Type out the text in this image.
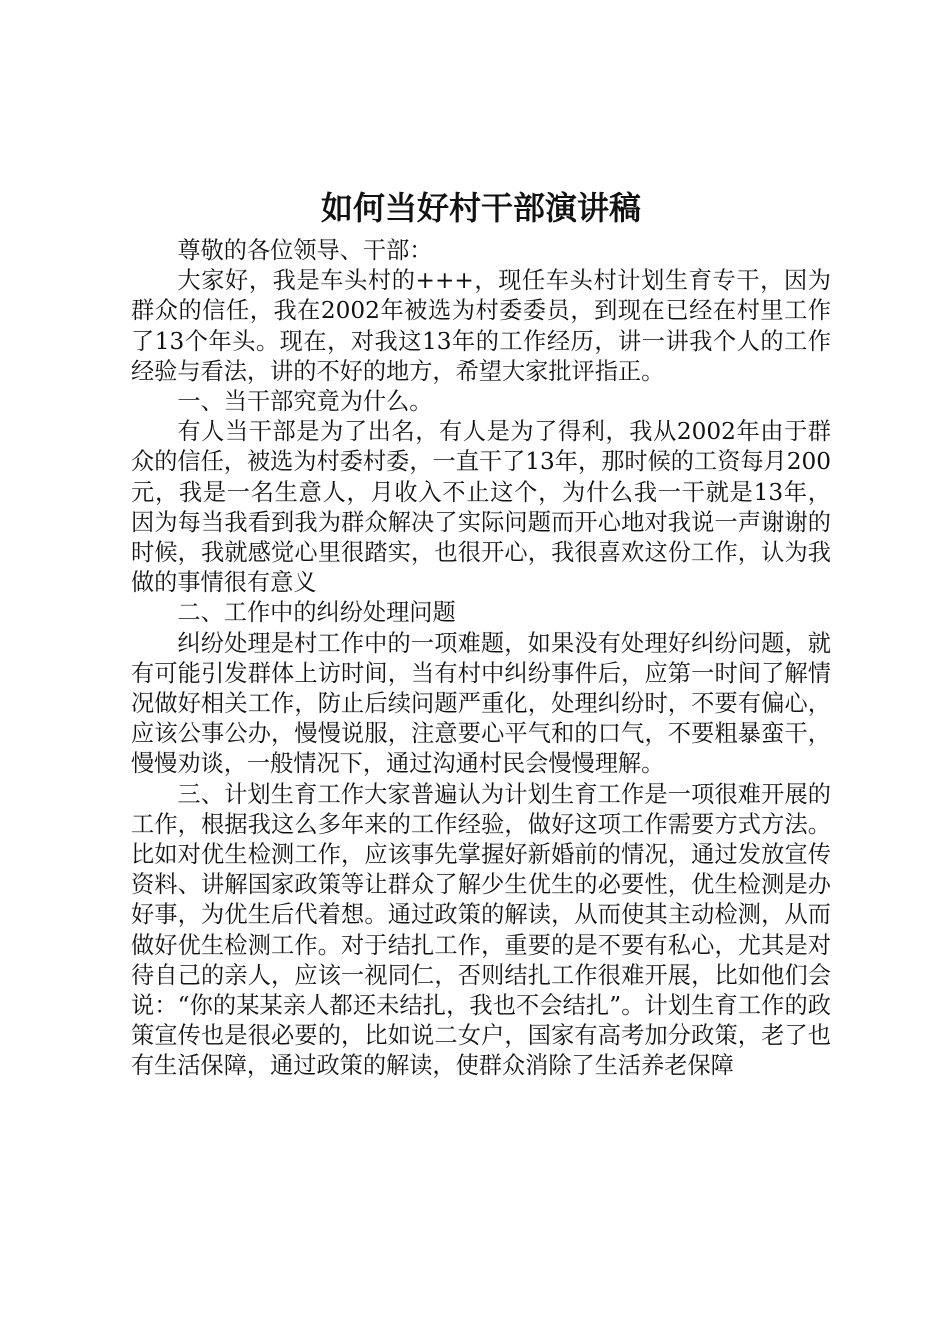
如何当好村干部演讲稿

尊敬的各位领导、干部：

大家好，我是车头村的+++，现任车头村计划生育专干，因为群众的信任，我在2002年被选为村委委员，到现在已经在村里工作了13个年头。现在，对我这13年的工作经历，讲一讲我个人的工作经验与看法，讲的不好的地方，希望大家批评指正。

一、当干部究竟为什么。

有人当干部是为了出名，有人是为了得利，我从2002年由于群众的信任，被选为村委村委，一直干了13年，那时候的工资每月200元，我是一名生意人，月收入不止这个，为什么我一干就是13年，因为每当我看到我为群众解决了实际问题而开心地对我说一声谢谢的时候，我就感觉心里很踏实，也很开心，我很喜欢这份工作，认为我做的事情很有意义

二、工作中的纠纷处理问题

纠纷处理是村工作中的一项难题，如果没有处理好纠纷问题，就有可能引发群体上访时间，当有村中纠纷事件后，应第一时间了解情况做好相关工作，防止后续问题严重化，处理纠纷时，不要有偏心，应该公事公办，慢慢说服，注意要心平气和的口气，不要粗暴蛮干，慢慢劝谈，一般情况下，通过沟通村民会慢慢理解。

三、计划生育工作大家普遍认为计划生育工作是一项很难开展的工作，根据我这么多年来的工作经验，做好这项工作需要方式方法。比如对优生检测工作，应该事先掌握好新婚前的情况，通过发放宣传资料、讲解国家政策等让群众了解少生优生的必要性，优生检测是办好事，为优生后代着想。通过政策的解读，从而使其主动检测，从而做好优生检测工作。对于结扎工作，重要的是不要有私心，尤其是对待自己的亲人，应该一视同仁，否则结扎工作很难开展，比如他们会说：“你的某某亲人都还未结扎，我也不会结扎”。计划生育工作的政策宣传也是很必要的，比如说二女户，国家有高考加分政策，老了也有生活保障，通过政策的解读，使群众消除了生活养老保障
